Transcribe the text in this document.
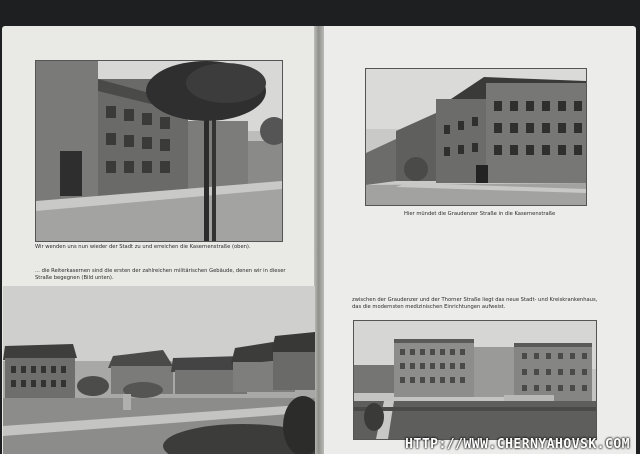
Wir wenden uns nun wieder der Stadt zu und erreichen die Kasernenstraße (oben).
... die Reiterkasernen sind die ersten der zahlreichen militärischen Gebäude, denen wir in dieser
Straße begegnen (Bild unten).
Hier mündet die Graudenzer Straße in die Kasernenstraße
zwischen der Graudenzer und der Thorner Straße liegt das neue Stadt- und Kreiskrankenhaus,
das die modernsten medizinischen Einrichtungen aufweist.
HTTP://WWW.CHERNYAHOVSK.COM
